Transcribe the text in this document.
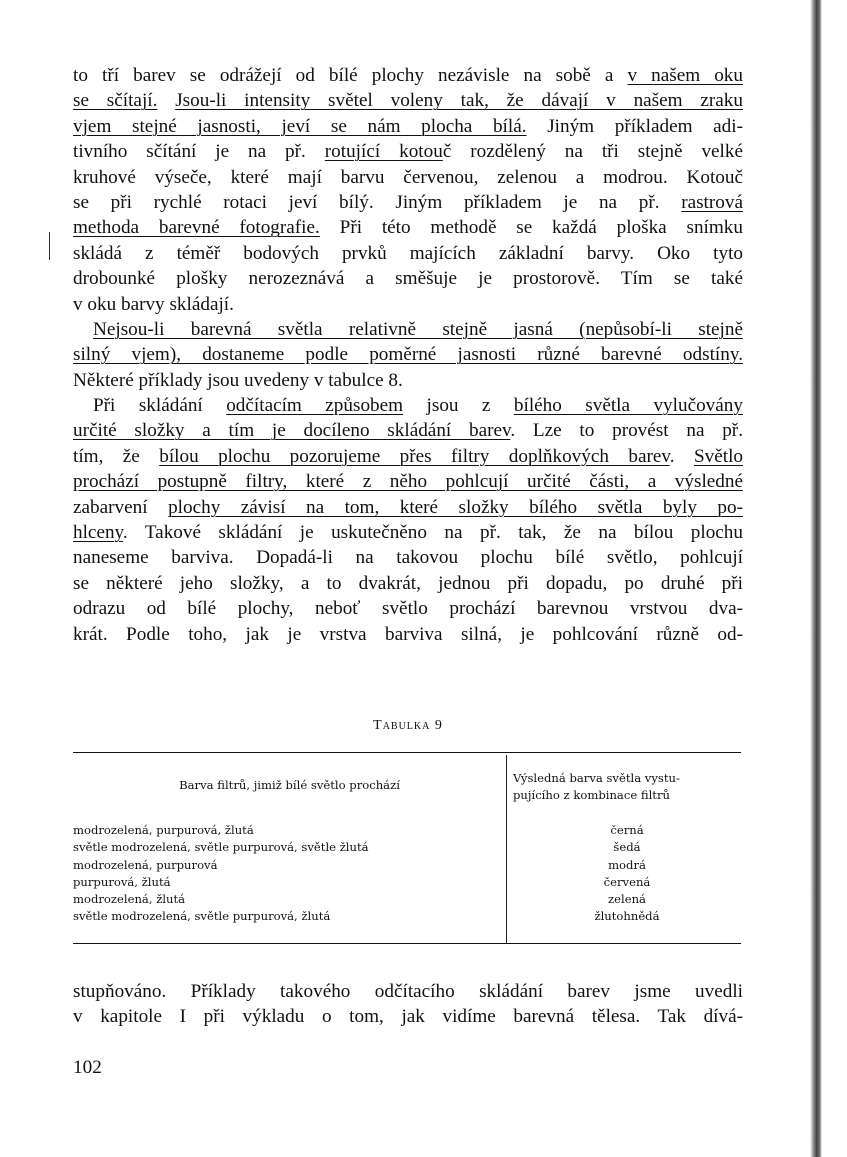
to tří barev se odrážejí od bílé plochy nezávisle na sobě a v našem oku
se sčítají. Jsou-li intensity světel voleny tak, že dávají v našem zraku
vjem stejné jasnosti, jeví se nám plocha bílá. Jiným příkladem adi-
tivního sčítání je na př. rotující kotouč rozdělený na tři stejně velké
kruhové výseče, které mají barvu červenou, zelenou a modrou. Kotouč
se při rychlé rotaci jeví bílý. Jiným příkladem je na př. rastrová
methoda barevné fotografie. Při této methodě se každá ploška snímku
skládá z téměř bodových prvků majících základní barvy. Oko tyto
drobounké plošky nerozeznává a směšuje je prostorově. Tím se také
v oku barvy skládají.
Nejsou-li barevná světla relativně stejně jasná (nepůsobí-li stejně
silný vjem), dostaneme podle poměrné jasnosti různé barevné odstíny.
Některé příklady jsou uvedeny v tabulce 8.
Při skládání odčítacím způsobem jsou z bílého světla vylučovány
určité složky a tím je docíleno skládání barev. Lze to provést na př.
tím, že bílou plochu pozorujeme přes filtry doplňkových barev. Světlo
prochází postupně filtry, které z něho pohlcují určité části, a výsledné
zabarvení plochy závisí na tom, které složky bílého světla byly po-
hlceny. Takové skládání je uskutečněno na př. tak, že na bílou plochu
naneseme barviva. Dopadá-li na takovou plochu bílé světlo, pohlcují
se některé jeho složky, a to dvakrát, jednou při dopadu, po druhé při
odrazu od bílé plochy, neboť světlo prochází barevnou vrstvou dva-
krát. Podle toho, jak je vrstva barviva silná, je pohlcování různě od-
Tabulka 9
Barva filtrů, jimiž bílé světlo prochází	Výsledná barva světla vystu-
pujícího z kombinace filtrů
modrozelená, purpurová, žlutá
světle modrozelená, světle purpurová, světle žlutá
modrozelená, purpurová
purpurová, žlutá
modrozelená, žlutá
světle modrozelená, světle purpurová, žlutá
černá
šedá
modrá
červená
zelená
žlutohnědá
stupňováno. Příklady takového odčítacího skládání barev jsme uvedli
v kapitole I při výkladu o tom, jak vidíme barevná tělesa. Tak dívá-
102
